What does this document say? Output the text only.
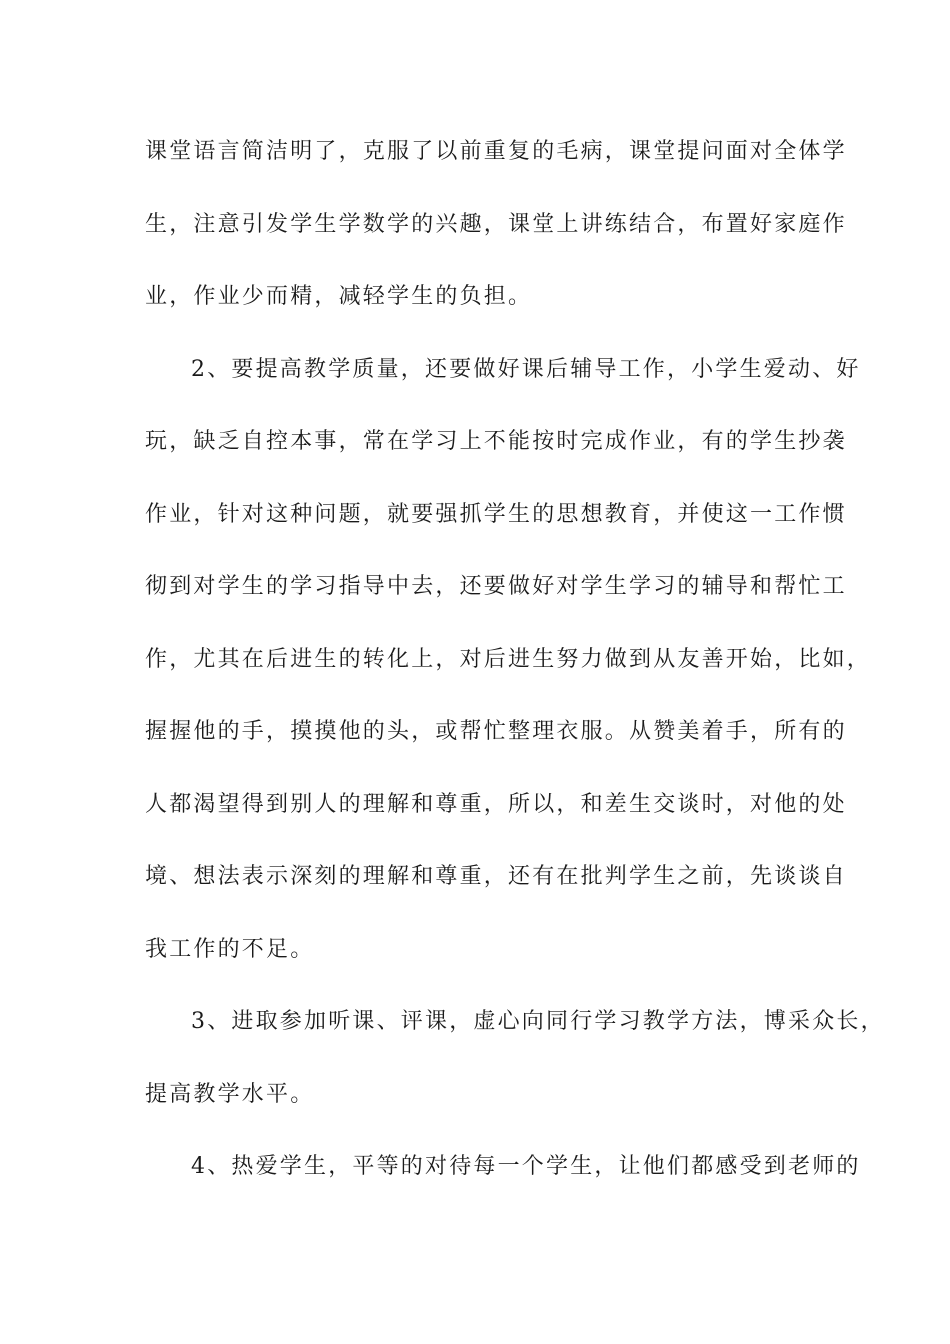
课堂语言简洁明了，克服了以前重复的毛病，课堂提问面对全体学
生，注意引发学生学数学的兴趣，课堂上讲练结合，布置好家庭作
业，作业少而精，减轻学生的负担。
2、要提高教学质量，还要做好课后辅导工作，小学生爱动、好
玩，缺乏自控本事，常在学习上不能按时完成作业，有的学生抄袭
作业，针对这种问题，就要强抓学生的思想教育，并使这一工作惯
彻到对学生的学习指导中去，还要做好对学生学习的辅导和帮忙工
作，尤其在后进生的转化上，对后进生努力做到从友善开始，比如，
握握他的手，摸摸他的头，或帮忙整理衣服。从赞美着手，所有的
人都渴望得到别人的理解和尊重，所以，和差生交谈时，对他的处
境、想法表示深刻的理解和尊重，还有在批判学生之前，先谈谈自
我工作的不足。
3、进取参加听课、评课，虚心向同行学习教学方法，博采众长，
提高教学水平。
4、热爱学生，平等的对待每一个学生，让他们都感受到老师的
